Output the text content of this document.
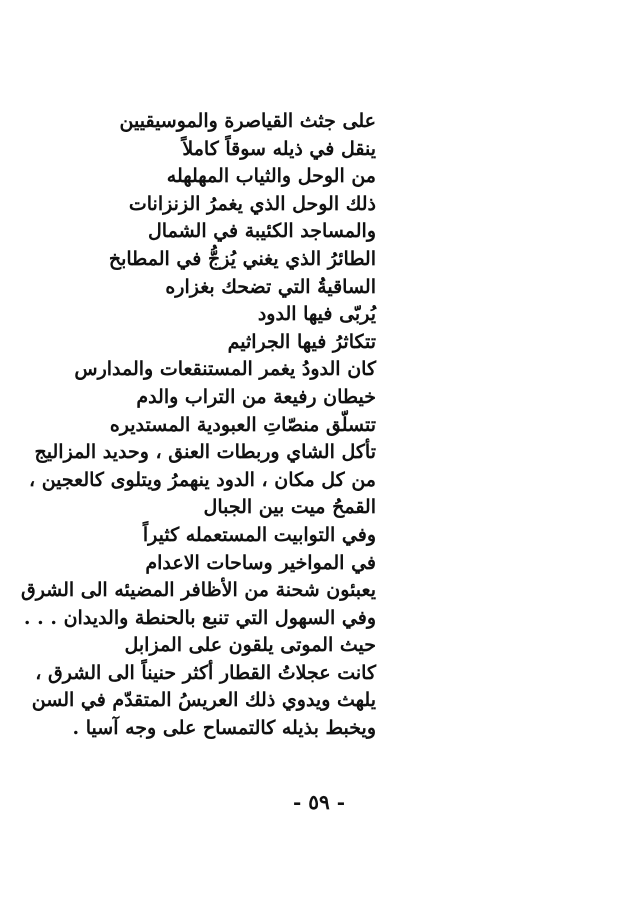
على جثث القياصرة والموسيقيين
ينقل في ذيله سوقاً كاملاً
من الوحل والثياب المهلهله
ذلك الوحل الذي يغمرُ الزنزانات
والمساجد الكئيبة في الشمال
الطائرُ الذي يغني يُزجُّ في المطابخ
الساقيةُ التي تضحك بغزاره
يُربّى فيها الدود
تتكاثرُ فيها الجراثيم
كان الدودُ يغمر المستنقعات والمدارس
خيطان رفيعة من التراب والدم
تتسلّق منصّاتِ العبودية المستديره
تأكل الشاي وربطات العنق ، وحديد المزاليج
من كل مكان ، الدود ينهمرُ ويتلوى كالعجين ،
القمحُ ميت بين الجبال
وفي التوابيت المستعمله كثيراً
في المواخير وساحات الاعدام
يعبئون شحنة من الأظافر المضيئه الى الشرق
وفي السهول التي تنبع بالحنطة والديدان . . .
حيث الموتى يلقون على المزابل
كانت عجلاتُ القطار أكثر حنيناً الى الشرق ،
يلهث ويدوي ذلك العريسُ المتقدّم في السن
ويخبط بذيله كالتمساح على وجه آسيا .
- ٥٩ -
